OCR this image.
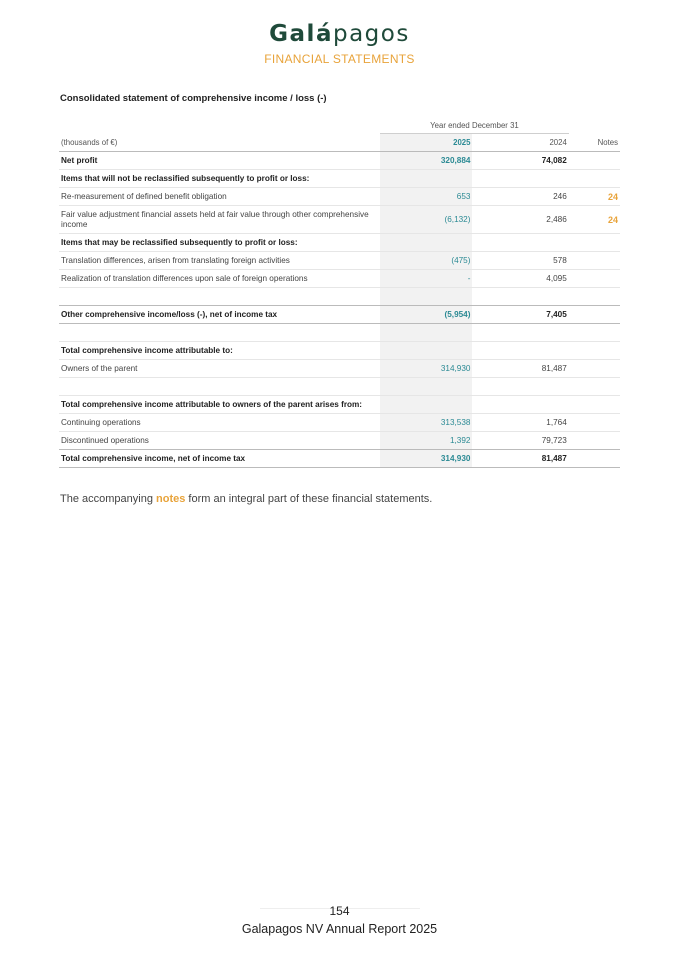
Galápagos
FINANCIAL STATEMENTS
Consolidated statement of comprehensive income / loss (-)
	Year ended December 31		
(thousands of €)	2025	2024	Notes
Net profit	320,884	74,082	
Items that will not be reclassified subsequently to profit or loss:			
Re-measurement of defined benefit obligation	653	246	24
Fair value adjustment financial assets held at fair value through other comprehensive income	(6,132)	2,486	24
Items that may be reclassified subsequently to profit or loss:			
Translation differences, arisen from translating foreign activities	(475)	578	
Realization of translation differences upon sale of foreign operations	-	4,095	

Other comprehensive income/loss (-), net of income tax	(5,954)	7,405	

Total comprehensive income attributable to:			
Owners of the parent	314,930	81,487	

Total comprehensive income attributable to owners of the parent arises from:			
Continuing operations	313,538	1,764	
Discontinued operations	1,392	79,723	
Total comprehensive income, net of income tax	314,930	81,487	
The accompanying notes form an integral part of these financial statements.
154
Galapagos NV Annual Report 2025
